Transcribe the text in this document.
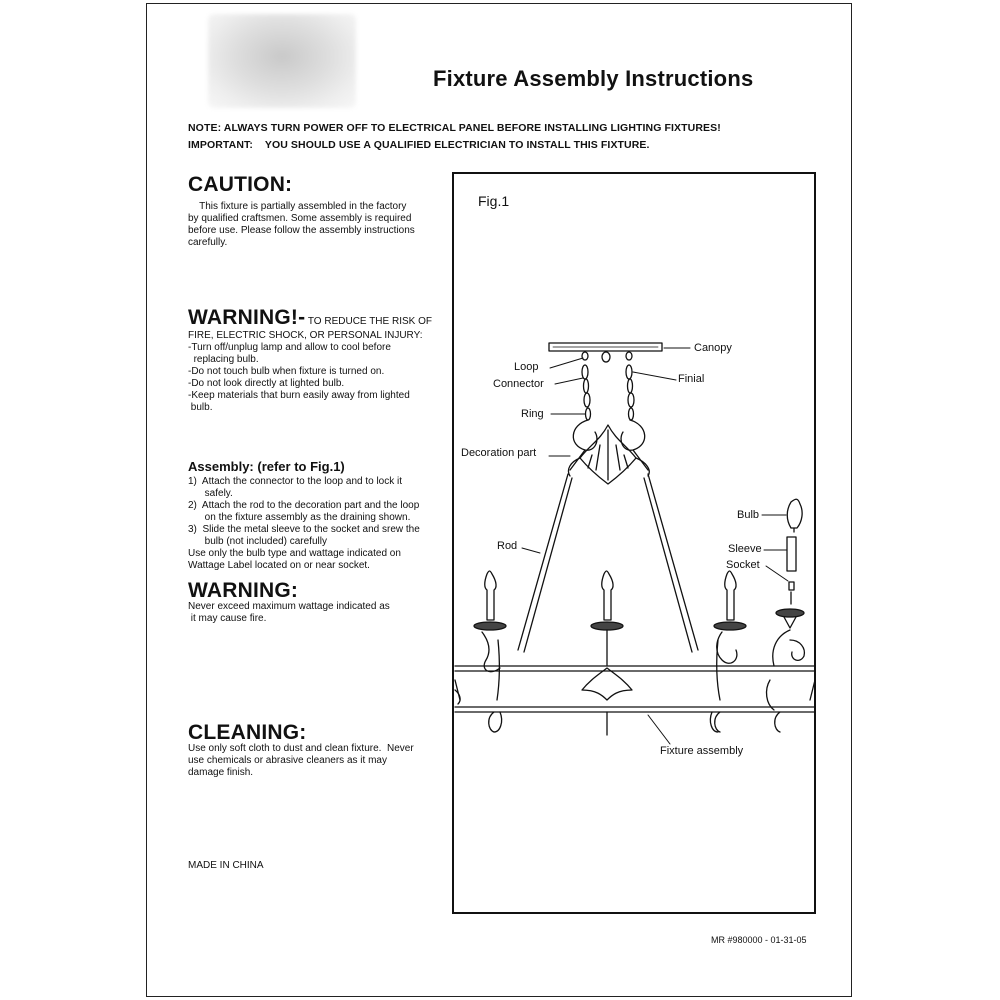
Fixture Assembly Instructions
NOTE: ALWAYS TURN POWER OFF TO ELECTRICAL PANEL BEFORE INSTALLING LIGHTING FIXTURES!
IMPORTANT:    YOU SHOULD USE A QUALIFIED ELECTRICIAN TO INSTALL THIS FIXTURE.
CAUTION:

This fixture is partially assembled in the factory

by qualified craftsmen. Some assembly is required

before use. Please follow the assembly instructions

carefully.

WARNING!- TO REDUCE THE RISK OF

FIRE, ELECTRIC SHOCK, OR PERSONAL INJURY:

-Turn off/unplug lamp and allow to cool before

replacing bulb.

-Do not touch bulb when fixture is turned on.

-Do not look directly at lighted bulb.

-Keep materials that burn easily away from lighted

bulb.

Assembly: (refer to Fig.1)

1)  Attach the connector to the loop and to lock it

safely.

2)  Attach the rod to the decoration part and the loop

on the fixture assembly as the draining shown.

3)  Slide the metal sleeve to the socket and srew the

bulb (not included) carefully

Use only the bulb type and wattage indicated on

Wattage Label located on or near socket.

WARNING:

Never exceed maximum wattage indicated as

it may cause fire.

CLEANING:

Use only soft cloth to dust and clean fixture.  Never

use chemicals or abrasive cleaners as it may

damage finish.

MADE IN CHINA
MR #980000 - 01-31-05
Fig.1
Canopy
Loop
Connector	Finial
Ring
Decoration part
Bulb
Sleeve
Socket
Rod
Fixture assembly
